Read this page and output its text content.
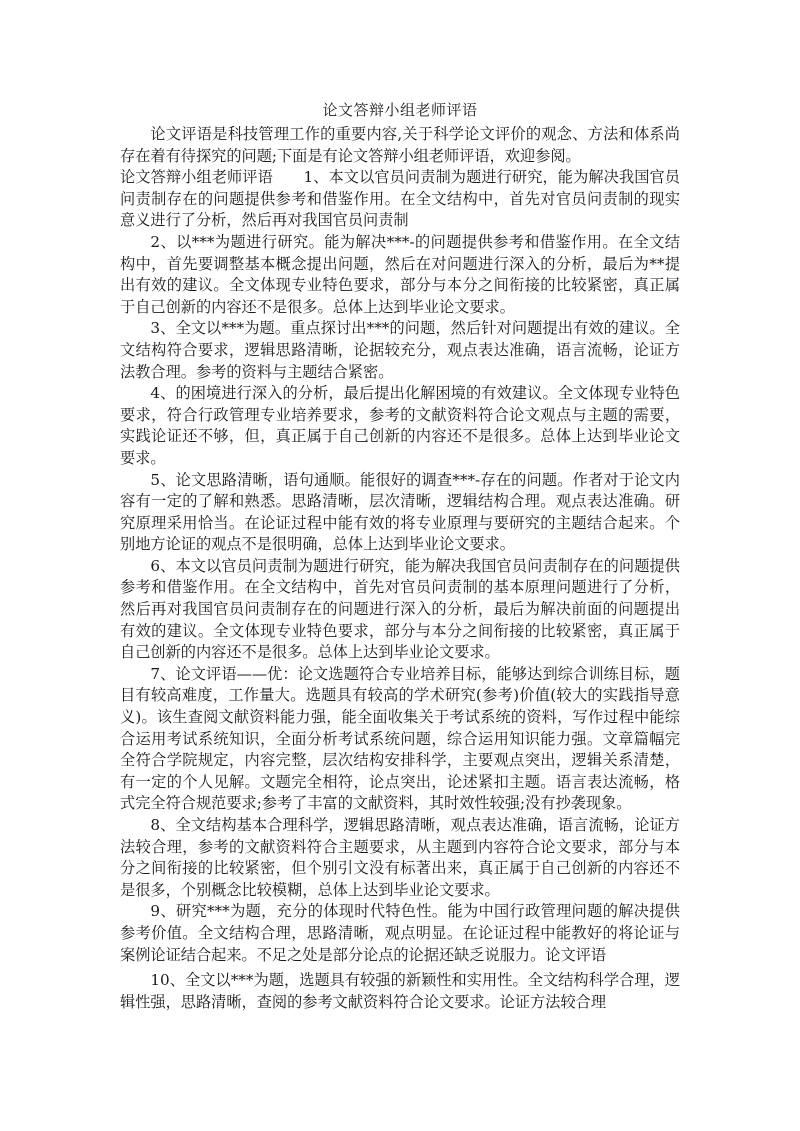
论文答辩小组老师评语

论文评语是科技管理工作的重要内容,关于科学论文评价的观念、方法和体系尚存在着有待探究的问题;下面是有论文答辩小组老师评语，欢迎参阅。

论文答辩小组老师评语　　1、本文以官员问责制为题进行研究，能为解决我国官员问责制存在的问题提供参考和借鉴作用。在全文结构中，首先对官员问责制的现实意义进行了分析，然后再对我国官员问责制

2、以***为题进行研究。能为解决***-的问题提供参考和借鉴作用。在全文结构中，首先要调整基本概念提出问题，然后在对问题进行深入的分析，最后为**提出有效的建议。全文体现专业特色要求，部分与本分之间衔接的比较紧密，真正属于自己创新的内容还不是很多。总体上达到毕业论文要求。

3、全文以***为题。重点探讨出***的问题，然后针对问题提出有效的建议。全文结构符合要求，逻辑思路清晰，论据较充分，观点表达准确，语言流畅，论证方法教合理。参考的资料与主题结合紧密。

4、的困境进行深入的分析，最后提出化解困境的有效建议。全文体现专业特色要求，符合行政管理专业培养要求，参考的文献资料符合论文观点与主题的需要，实践论证还不够，但，真正属于自己创新的内容还不是很多。总体上达到毕业论文要求。

5、论文思路清晰，语句通顺。能很好的调查***-存在的问题。作者对于论文内容有一定的了解和熟悉。思路清晰，层次清晰，逻辑结构合理。观点表达准确。研究原理采用恰当。在论证过程中能有效的将专业原理与要研究的主题结合起来。个别地方论证的观点不是很明确，总体上达到毕业论文要求。

6、本文以官员问责制为题进行研究，能为解决我国官员问责制存在的问题提供参考和借鉴作用。在全文结构中，首先对官员问责制的基本原理问题进行了分析，然后再对我国官员问责制存在的问题进行深入的分析，最后为解决前面的问题提出有效的建议。全文体现专业特色要求，部分与本分之间衔接的比较紧密，真正属于自己创新的内容还不是很多。总体上达到毕业论文要求。

7、论文评语——优：论文选题符合专业培养目标，能够达到综合训练目标，题目有较高难度，工作量大。选题具有较高的学术研究(参考)价值(较大的实践指导意义)。该生查阅文献资料能力强，能全面收集关于考试系统的资料，写作过程中能综合运用考试系统知识，全面分析考试系统问题，综合运用知识能力强。文章篇幅完全符合学院规定，内容完整，层次结构安排科学，主要观点突出，逻辑关系清楚，有一定的个人见解。文题完全相符，论点突出，论述紧扣主题。语言表达流畅，格式完全符合规范要求;参考了丰富的文献资料，其时效性较强;没有抄袭现象。

8、全文结构基本合理科学，逻辑思路清晰，观点表达准确，语言流畅，论证方法较合理，参考的文献资料符合主题要求，从主题到内容符合论文要求，部分与本分之间衔接的比较紧密，但个别引文没有标著出来，真正属于自己创新的内容还不是很多，个别概念比较模糊，总体上达到毕业论文要求。

9、研究***为题，充分的体现时代特色性。能为中国行政管理问题的解决提供参考价值。全文结构合理，思路清晰，观点明显。在论证过程中能教好的将论证与案例论证结合起来。不足之处是部分论点的论据还缺乏说服力。论文评语

10、全文以***为题，选题具有较强的新颖性和实用性。全文结构科学合理，逻辑性强，思路清晰，查阅的参考文献资料符合论文要求。论证方法较合理
